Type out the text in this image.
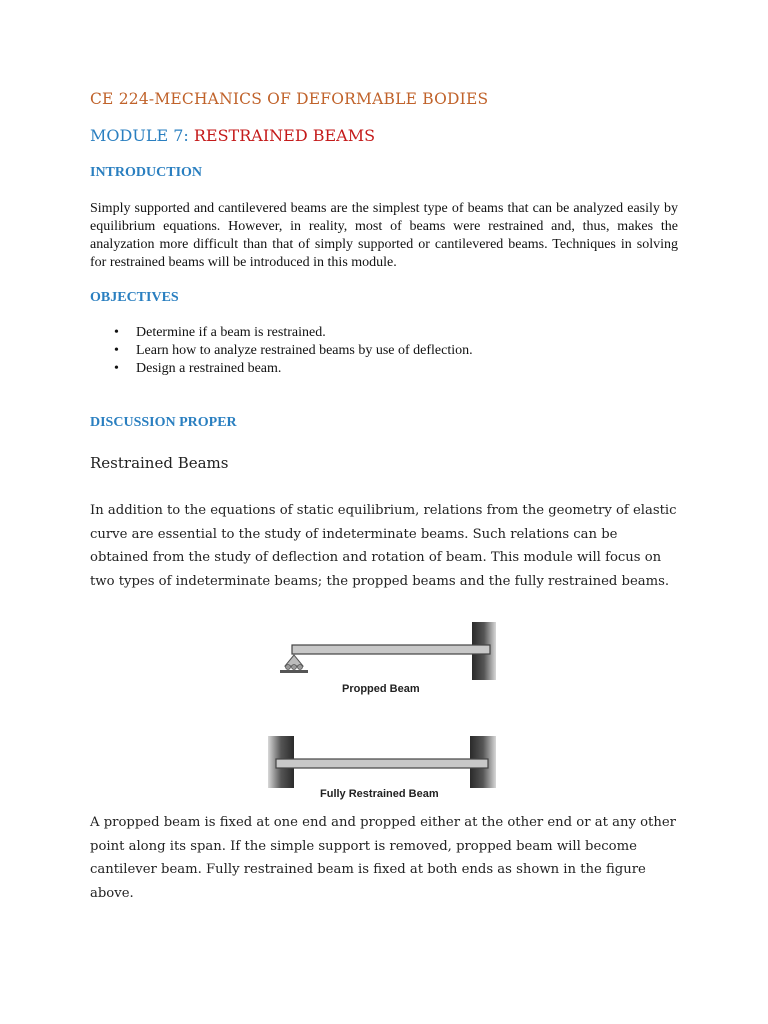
CE 224-MECHANICS OF DEFORMABLE BODIES
MODULE 7: RESTRAINED BEAMS
INTRODUCTION

Simply supported and cantilevered beams are the simplest type of beams that can be analyzed easily by equilibrium equations. However, in reality, most of beams were restrained and, thus, makes the analyzation more difficult than that of simply supported or cantilevered beams. Techniques in solving for restrained beams will be introduced in this module.

OBJECTIVES
• Determine if a beam is restrained.
• Learn how to analyze restrained beams by use of deflection.
• Design a restrained beam.
DISCUSSION PROPER
Restrained Beams

In addition to the equations of static equilibrium, relations from the geometry of elastic curve are essential to the study of indeterminate beams. Such relations can be obtained from the study of deflection and rotation of beam. This module will focus on two types of indeterminate beams; the propped beams and the fully restrained beams.

Propped Beam
Fully Restrained Beam

A propped beam is fixed at one end and propped either at the other end or at any other point along its span. If the simple support is removed, propped beam will become cantilever beam. Fully restrained beam is fixed at both ends as shown in the figure above.
